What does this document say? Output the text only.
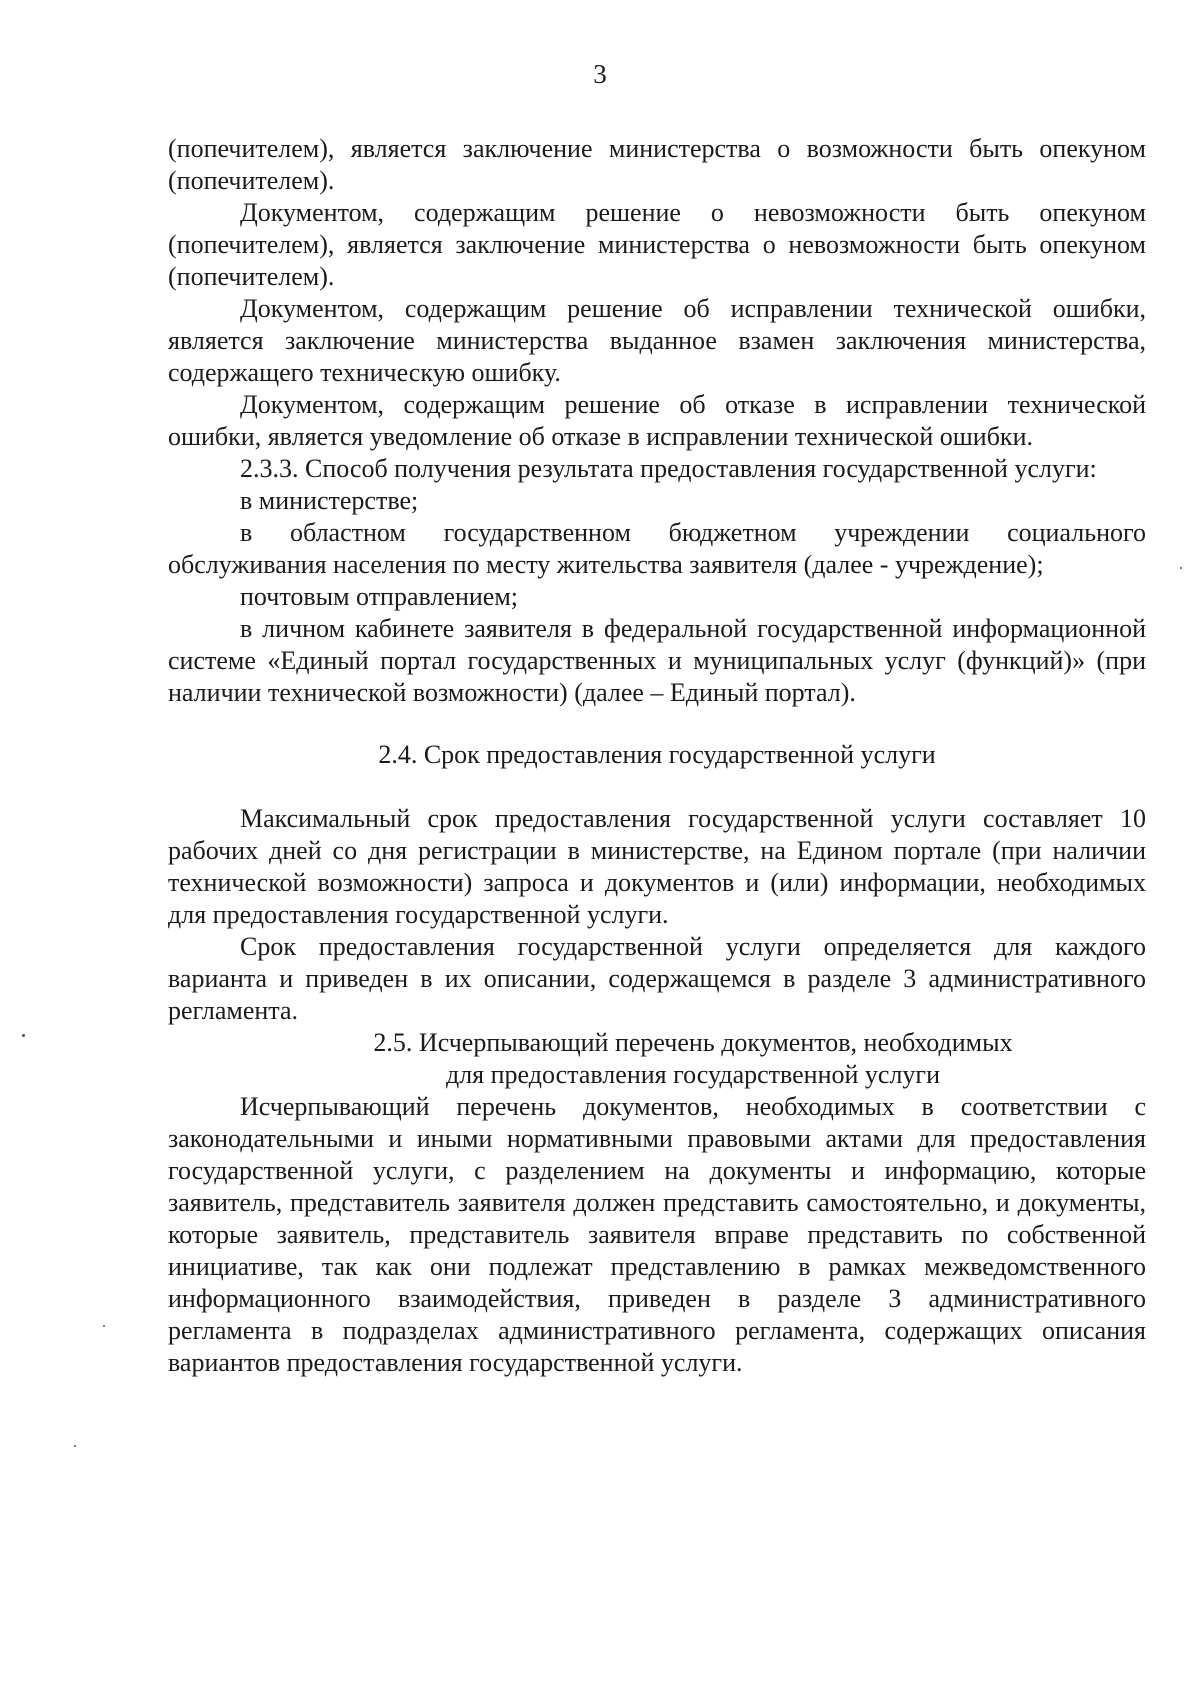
3

(попечителем), является заключение министерства о возможности быть опекуном (попечителем).

Документом, содержащим решение о невозможности быть опекуном (попечителем), является заключение министерства о невозможности быть опекуном (попечителем).

Документом, содержащим решение об исправлении технической ошибки, является заключение министерства выданное взамен заключения министерства, содержащего техническую ошибку.

Документом, содержащим решение об отказе в исправлении технической ошибки, является уведомление об отказе в исправлении технической ошибки.

2.3.3. Способ получения результата предоставления государственной услуги:

в министерстве;

в областном государственном бюджетном учреждении социального обслуживания населения по месту жительства заявителя (далее - учреждение);

почтовым отправлением;

в личном кабинете заявителя в федеральной государственной информационной системе «Единый портал государственных и муниципальных услуг (функций)» (при наличии технической возможности) (далее – Единый портал).

2.4. Срок предоставления государственной услуги

Максимальный срок предоставления государственной услуги составляет 10 рабочих дней со дня регистрации в министерстве, на Едином портале (при наличии технической возможности) запроса и документов и (или) информации, необходимых для предоставления государственной услуги.

Срок предоставления государственной услуги определяется для каждого варианта и приведен в их описании, содержащемся в разделе 3 административного регламента.

2.5. Исчерпывающий перечень документов, необходимых

для предоставления государственной услуги

Исчерпывающий перечень документов, необходимых в соответствии с законодательными и иными нормативными правовыми актами для предоставления государственной услуги, с разделением на документы и информацию, которые заявитель, представитель заявителя должен представить самостоятельно, и документы, которые заявитель, представитель заявителя вправе представить по собственной инициативе, так как они подлежат представлению в рамках межведомственного информационного взаимодействия, приведен в разделе 3 административного регламента в подразделах административного регламента, содержащих описания вариантов предоставления государственной услуги.
